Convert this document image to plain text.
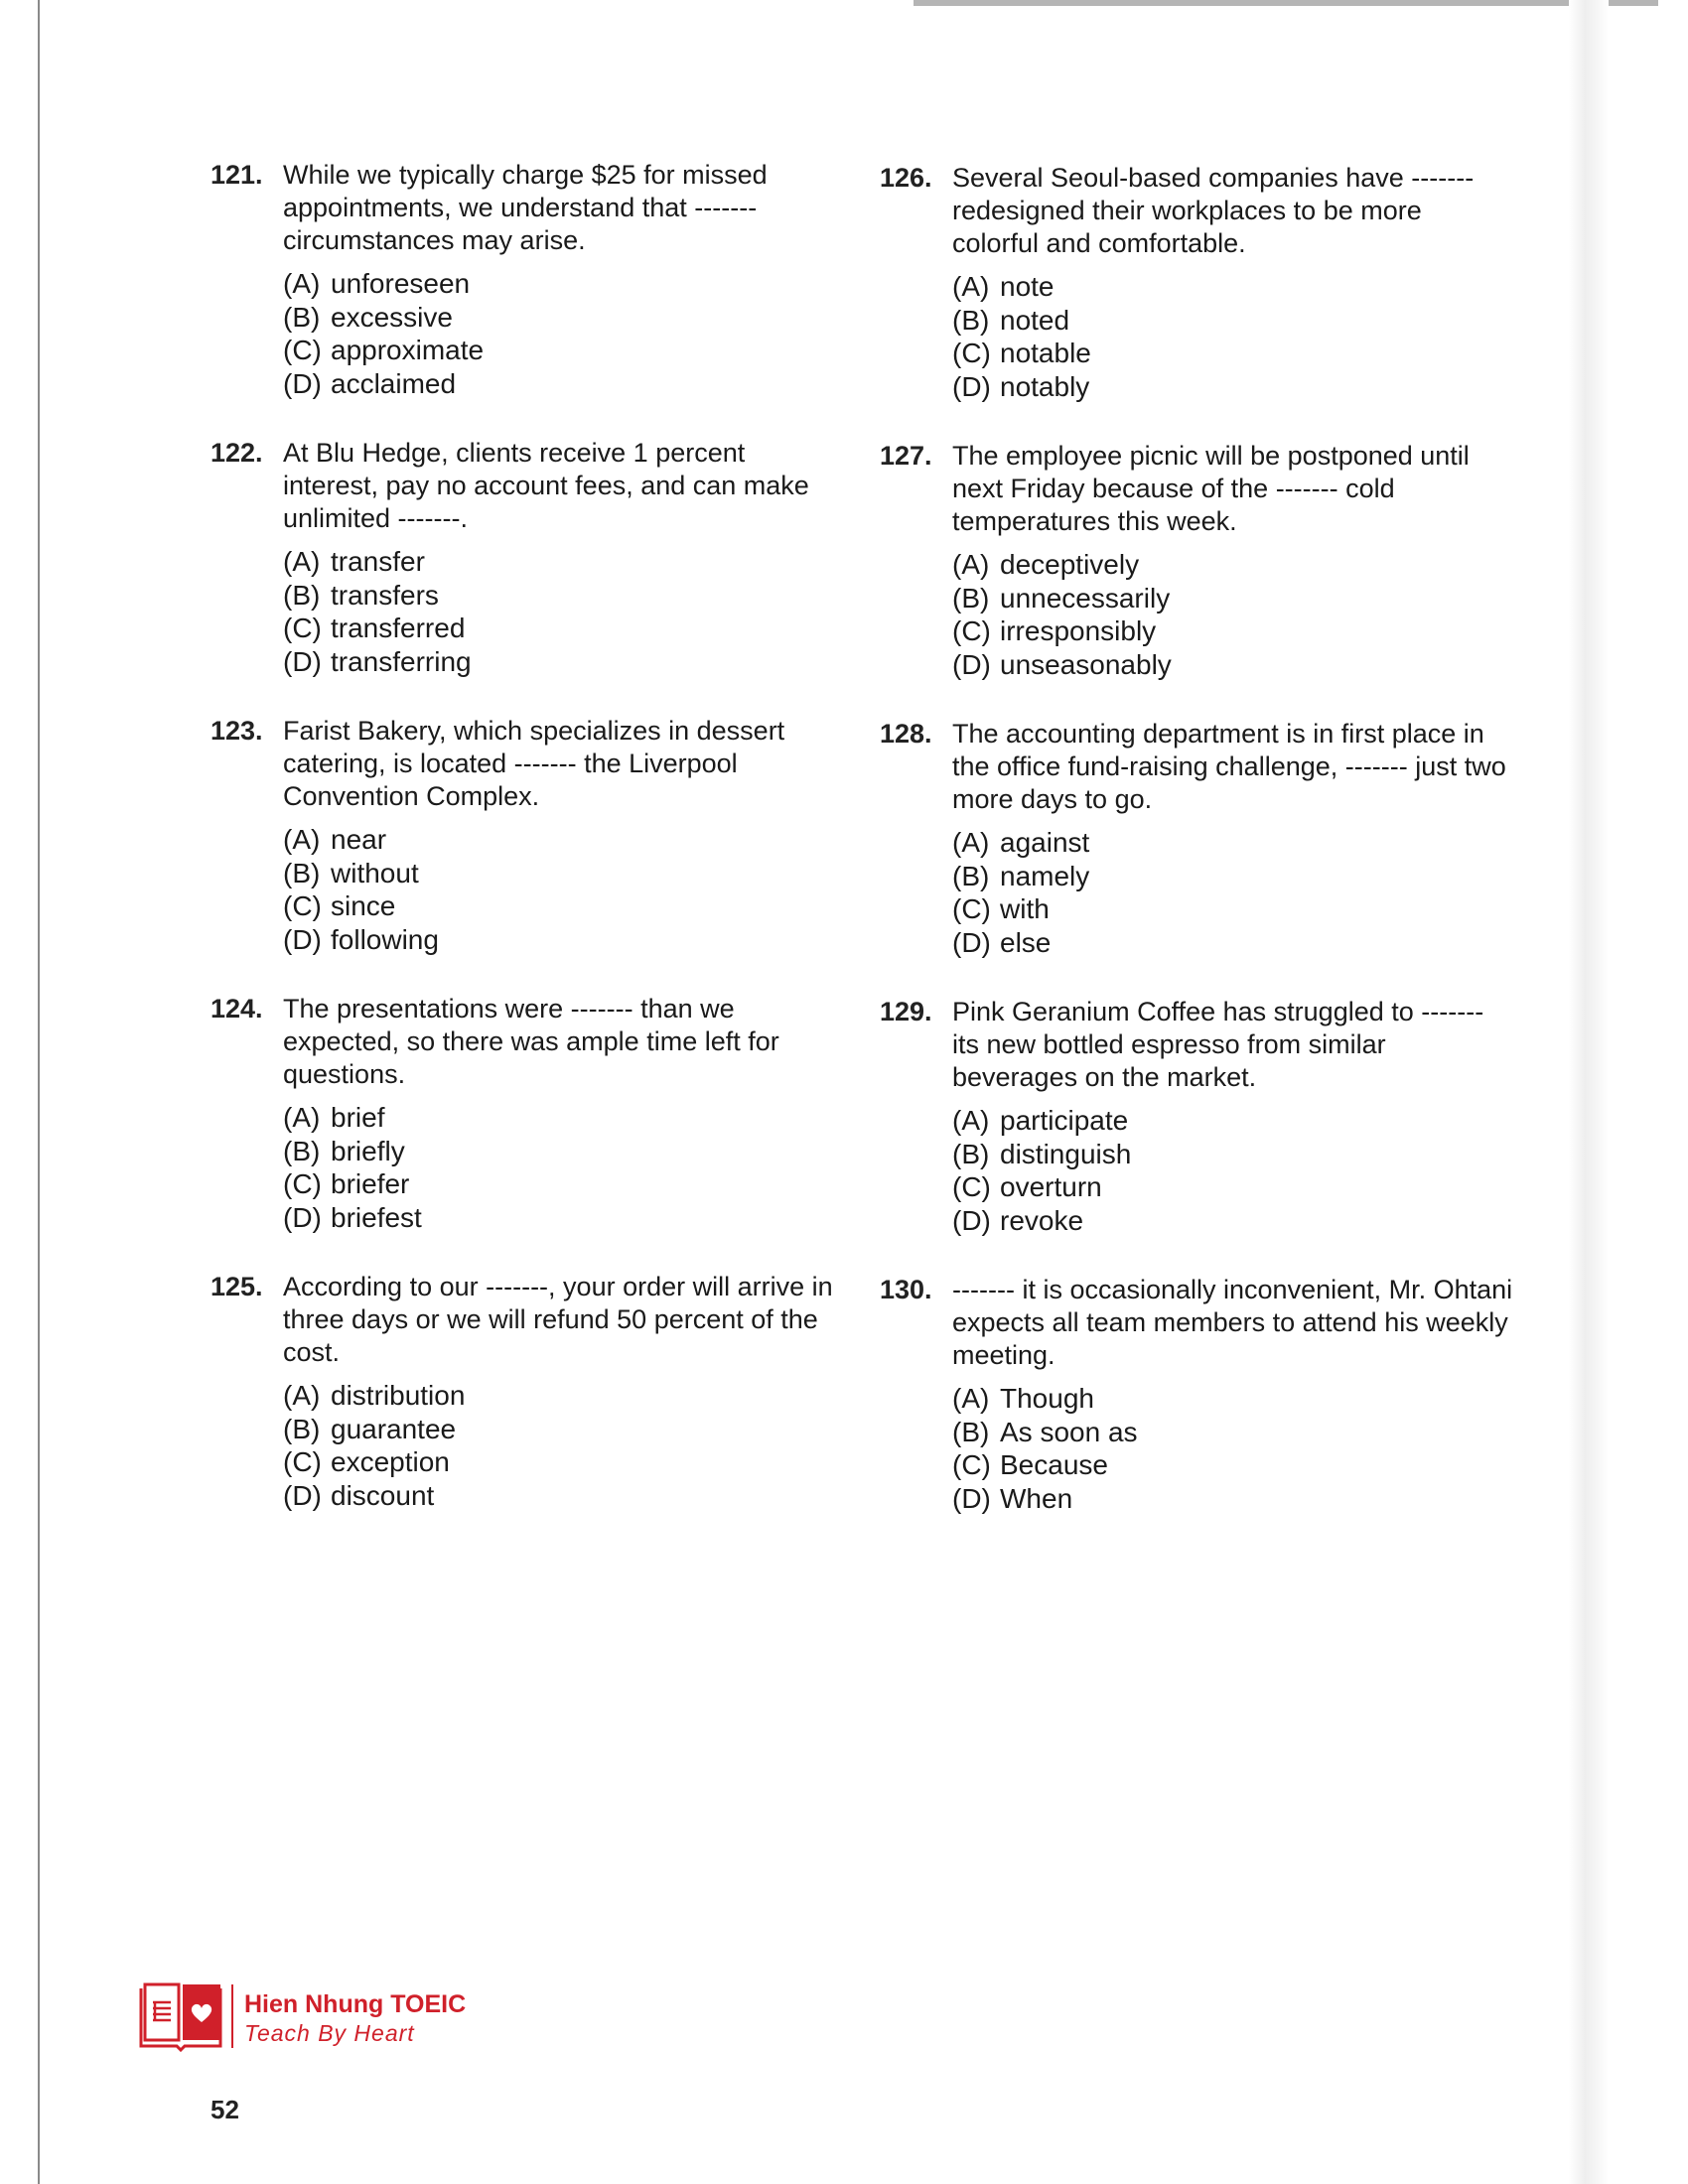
121. While we typically charge $25 for missed appointments, we understand that ------- circumstances may arise.
(A) unforeseen
(B) excessive
(C) approximate
(D) acclaimed
122. At Blu Hedge, clients receive 1 percent interest, pay no account fees, and can make unlimited -------.
(A) transfer
(B) transfers
(C) transferred
(D) transferring
123. Farist Bakery, which specializes in dessert catering, is located ------- the Liverpool Convention Complex.
(A) near
(B) without
(C) since
(D) following
124. The presentations were ------- than we expected, so there was ample time left for questions.
(A) brief
(B) briefly
(C) briefer
(D) briefest
125. According to our -------, your order will arrive in three days or we will refund 50 percent of the cost.
(A) distribution
(B) guarantee
(C) exception
(D) discount
126. Several Seoul-based companies have ------- redesigned their workplaces to be more colorful and comfortable.
(A) note
(B) noted
(C) notable
(D) notably
127. The employee picnic will be postponed until next Friday because of the ------- cold temperatures this week.
(A) deceptively
(B) unnecessarily
(C) irresponsibly
(D) unseasonably
128. The accounting department is in first place in the office fund-raising challenge, ------- just two more days to go.
(A) against
(B) namely
(C) with
(D) else
129. Pink Geranium Coffee has struggled to ------- its new bottled espresso from similar beverages on the market.
(A) participate
(B) distinguish
(C) overturn
(D) revoke
130. ------- it is occasionally inconvenient, Mr. Ohtani expects all team members to attend his weekly meeting.
(A) Though
(B) As soon as
(C) Because
(D) When
Hien Nhung TOEIC
Teach By Heart
52
